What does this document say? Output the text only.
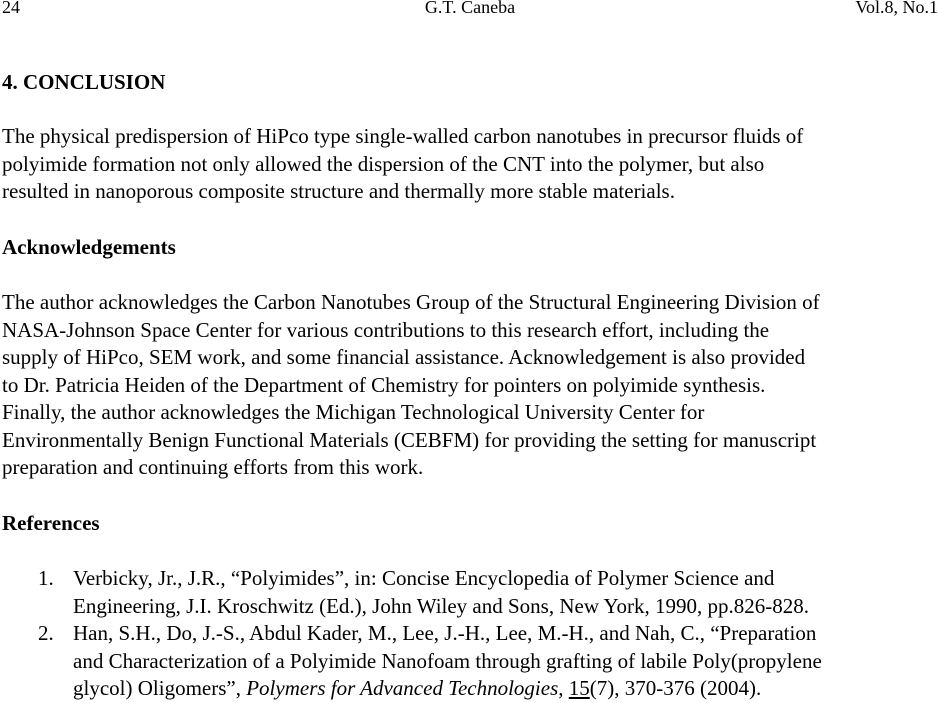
24	G.T. Caneba	Vol.8, No.1
4. CONCLUSION
The physical predispersion of HiPco type single-walled carbon nanotubes in precursor fluids of
polyimide formation not only allowed the dispersion of the CNT into the polymer, but also
resulted in nanoporous composite structure and thermally more stable materials.
Acknowledgements
The author acknowledges the Carbon Nanotubes Group of the Structural Engineering Division of
NASA-Johnson Space Center for various contributions to this research effort, including the
supply of HiPco, SEM work, and some financial assistance. Acknowledgement is also provided
to Dr. Patricia Heiden of the Department of Chemistry for pointers on polyimide synthesis.
Finally, the author acknowledges the Michigan Technological University Center for
Environmentally Benign Functional Materials (CEBFM) for providing the setting for manuscript
preparation and continuing efforts from this work.
References
1. Verbicky, Jr., J.R., “Polyimides”, in: Concise Encyclopedia of Polymer Science and
Engineering, J.I. Kroschwitz (Ed.), John Wiley and Sons, New York, 1990, pp.826-828.
2. Han, S.H., Do, J.-S., Abdul Kader, M., Lee, J.-H., Lee, M.-H., and Nah, C., “Preparation
and Characterization of a Polyimide Nanofoam through grafting of labile Poly(propylene
glycol) Oligomers”, Polymers for Advanced Technologies, 15(7), 370-376 (2004).
